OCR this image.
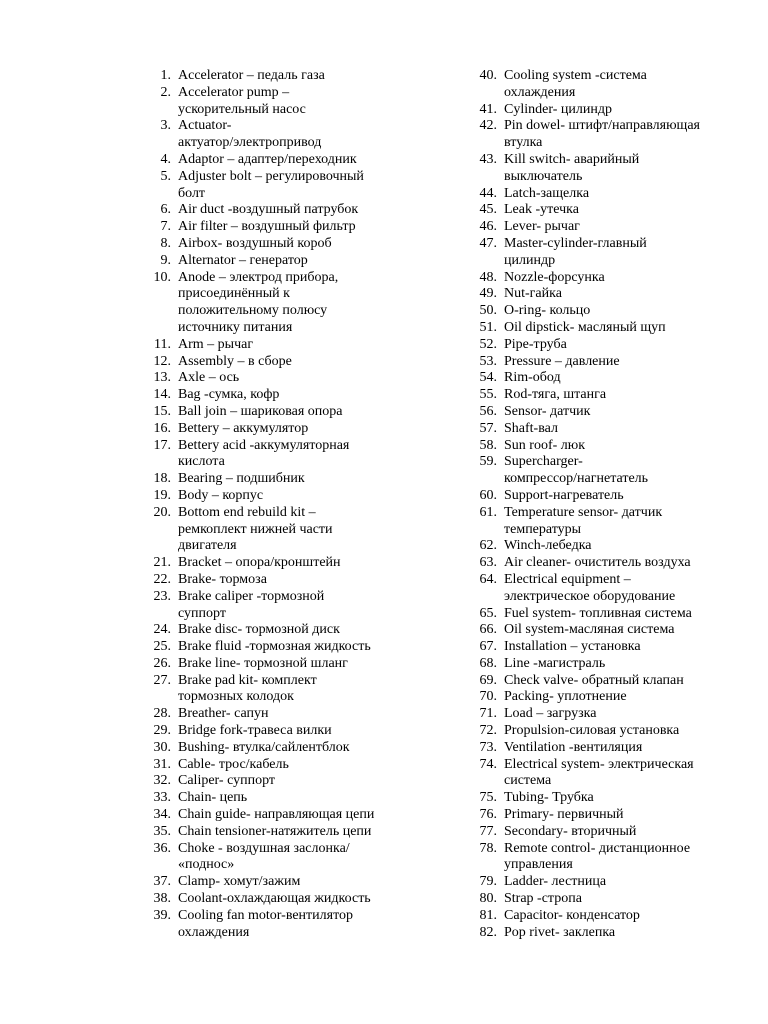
1.
Accelerator – педаль газа
2.
Accelerator pump –

ускорительный насос
3.
Actuator-

актуатор/электропривод
4.
Adaptor – адаптер/переходник
5.
Adjuster bolt – регулировочный

болт
6.
Air duct -воздушный патрубок
7.
Air filter – воздушный фильтр
8.
Airbox- воздушный короб
9.
Alternator – генератор
10.
Anode – электрод прибора,

присоединённый к

положительному полюсу

источнику питания
11.
Arm – рычаг
12.
Assembly – в сборе
13.
Axle – ось
14.
Bag -сумка, кофр
15.
Ball join – шариковая опора
16.
Bettery – аккумулятор
17.
Bettery acid -аккумуляторная

кислота
18.
Bearing – подшибник
19.
Body – корпус
20.
Bottom end rebuild kit –

ремкоплект нижней части

двигателя
21.
Bracket – опора/кронштейн
22.
Brake- тормоза
23.
Brake caliper -тормозной

суппорт
24.
Brake disc- тормозной диск
25.
Brake fluid -тормозная жидкость
26.
Brake line- тормозной шланг
27.
Brake pad kit- комплект

тормозных колодок
28.
Breather- сапун
29.
Bridge fork-травеса вилки
30.
Bushing- втулка/сайлентблок
31.
Cable- трос/кабель
32.
Caliper- суппорт
33.
Chain- цепь
34.
Chain guide- направляющая цепи
35.
Chain tensioner-натяжитель цепи
36.
Choke - воздушная заслонка/

«поднос»
37.
Clamp- хомут/зажим
38.
Coolant-охлаждающая жидкость
39.
Cooling fan motor-вентилятор

охлаждения
40.
Cooling system -система

охлаждения
41.
Cylinder- цилиндр
42.
Pin dowel- штифт/направляющая

втулка
43.
Kill switch- аварийный

выключатель
44.
Latch-защелка
45.
Leak -утечка
46.
Lever- рычаг
47.
Master-cylinder-главный

цилиндр
48.
Nozzle-форсунка
49.
Nut-гайка
50.
O-ring- кольцо
51.
Oil dipstick- масляный щуп
52.
Pipe-труба
53.
Pressure – давление
54.
Rim-обод
55.
Rod-тяга, штанга
56.
Sensor- датчик
57.
Shaft-вал
58.
Sun roof- люк
59.
Supercharger-

компрессор/нагнетатель
60.
Support-нагреватель
61.
Temperature sensor- датчик

температуры
62.
Winch-лебедка
63.
Air cleaner- очиститель воздуха
64.
Electrical equipment –

электрическое оборудование
65.
Fuel system- топливная система
66.
Oil system-масляная система
67.
Installation – установка
68.
Line -магистраль
69.
Check valve- обратный клапан
70.
Packing- уплотнение
71.
Load – загрузка
72.
Propulsion-силовая установка
73.
Ventilation -вентиляция
74.
Electrical system- электрическая

система
75.
Tubing- Трубка
76.
Primary- первичный
77.
Secondary- вторичный
78.
Remote control- дистанционное

управления
79.
Ladder- лестница
80.
Strap -стропа
81.
Capacitor- конденсатор
82.
Pop rivet- заклепка
